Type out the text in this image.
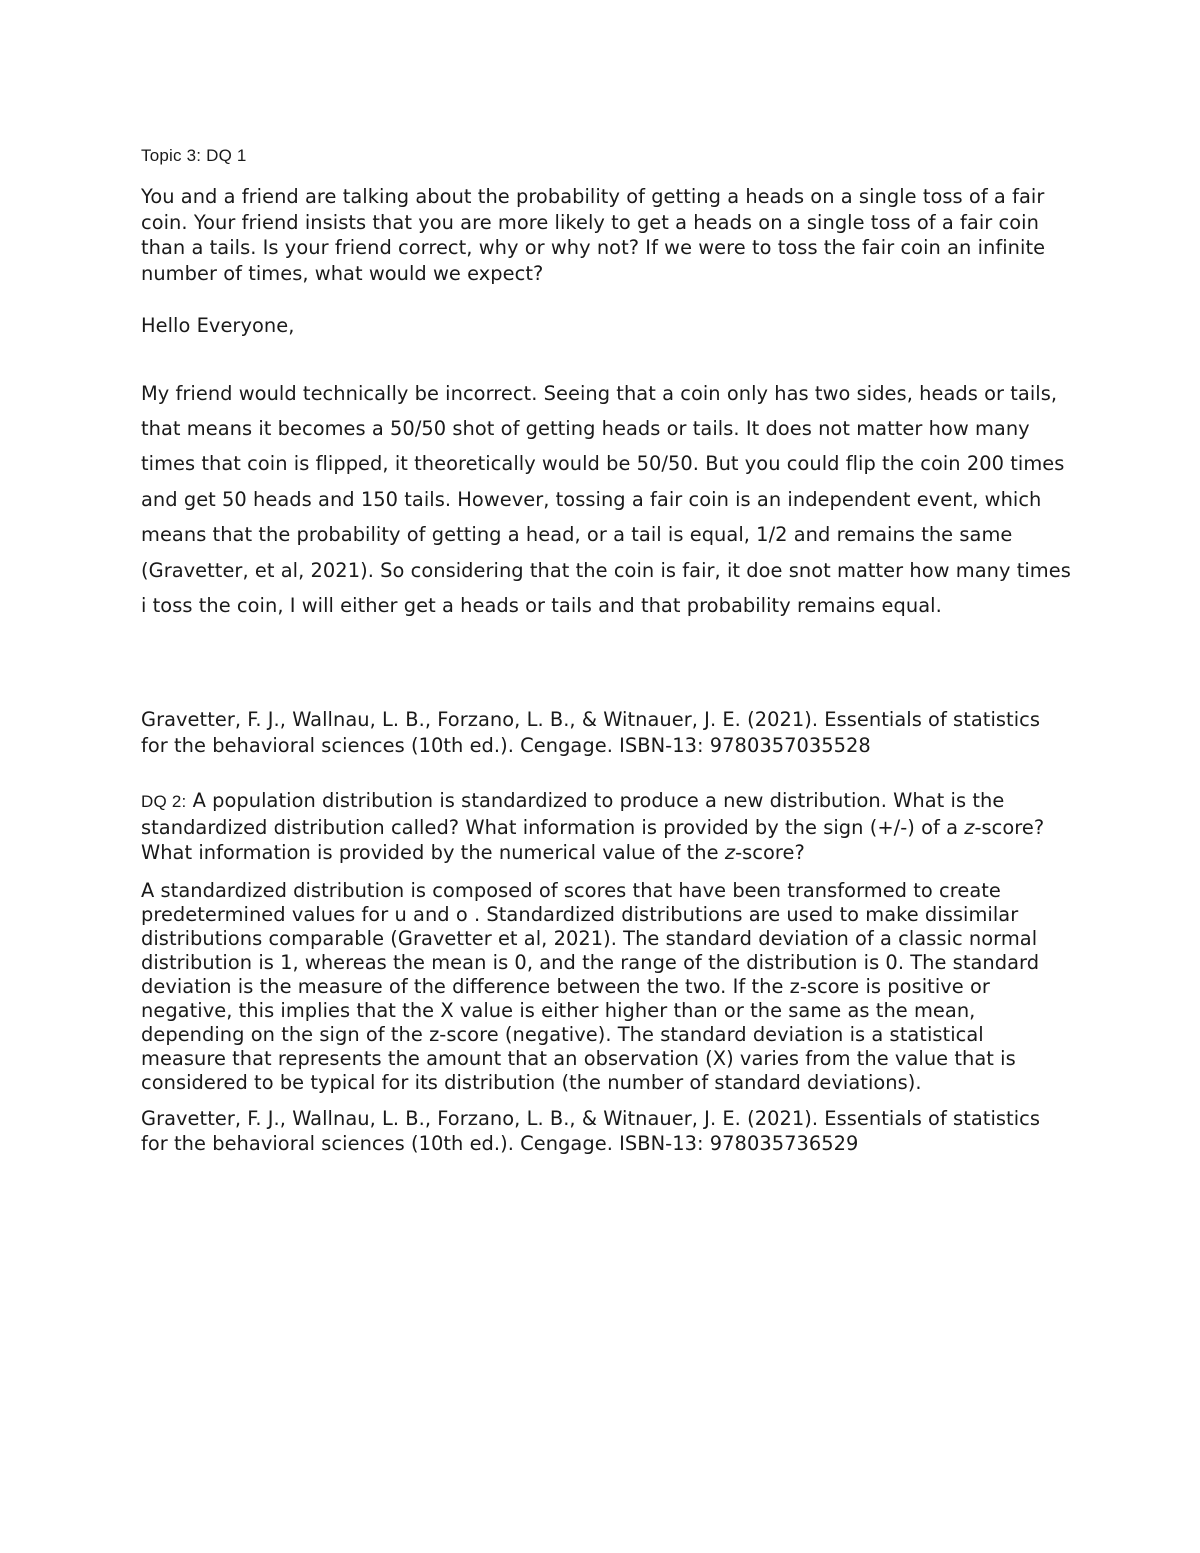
Topic 3: DQ 1

You and a friend are talking about the probability of getting a heads on a single toss of a fair coin. Your friend insists that you are more likely to get a heads on a single toss of a fair coin than a tails. Is your friend correct, why or why not? If we were to toss the fair coin an infinite number of times, what would we expect?

Hello Everyone,

My friend would technically be incorrect. Seeing that a coin only has two sides, heads or tails, that means it becomes a 50/50 shot of getting heads or tails. It does not matter how many times that coin is flipped, it theoretically would be 50/50. But you could flip the coin 200 times and get 50 heads and 150 tails. However, tossing a fair coin is an independent event, which means that the probability of getting a head, or a tail is equal, 1/2 and remains the same (Gravetter, et al, 2021). So considering that the coin is fair, it doe snot matter how many times i toss the coin, I will either get a heads or tails and that probability remains equal.

Gravetter, F. J., Wallnau, L. B., Forzano, L. B., & Witnauer, J. E. (2021). Essentials of statistics for the behavioral sciences (10th ed.). Cengage. ISBN-13: 9780357035528

DQ 2: A population distribution is standardized to produce a new distribution. What is the standardized distribution called? What information is provided by the sign (+/-) of a z-score? What information is provided by the numerical value of the z-score?

A standardized distribution is composed of scores that have been transformed to create predetermined values for u and o . Standardized distributions are used to make dissimilar distributions comparable (Gravetter et al, 2021). The standard deviation of a classic normal distribution is 1, whereas the mean is 0, and the range of the distribution is 0. The standard deviation is the measure of the difference between the two. If the z-score is positive or negative, this implies that the X value is either higher than or the same as the mean, depending on the sign of the z-score (negative). The standard deviation is a statistical measure that represents the amount that an observation (X) varies from the value that is considered to be typical for its distribution (the number of standard deviations).

Gravetter, F. J., Wallnau, L. B., Forzano, L. B., & Witnauer, J. E. (2021). Essentials of statistics for the behavioral sciences (10th ed.). Cengage. ISBN-13: 978035736529
